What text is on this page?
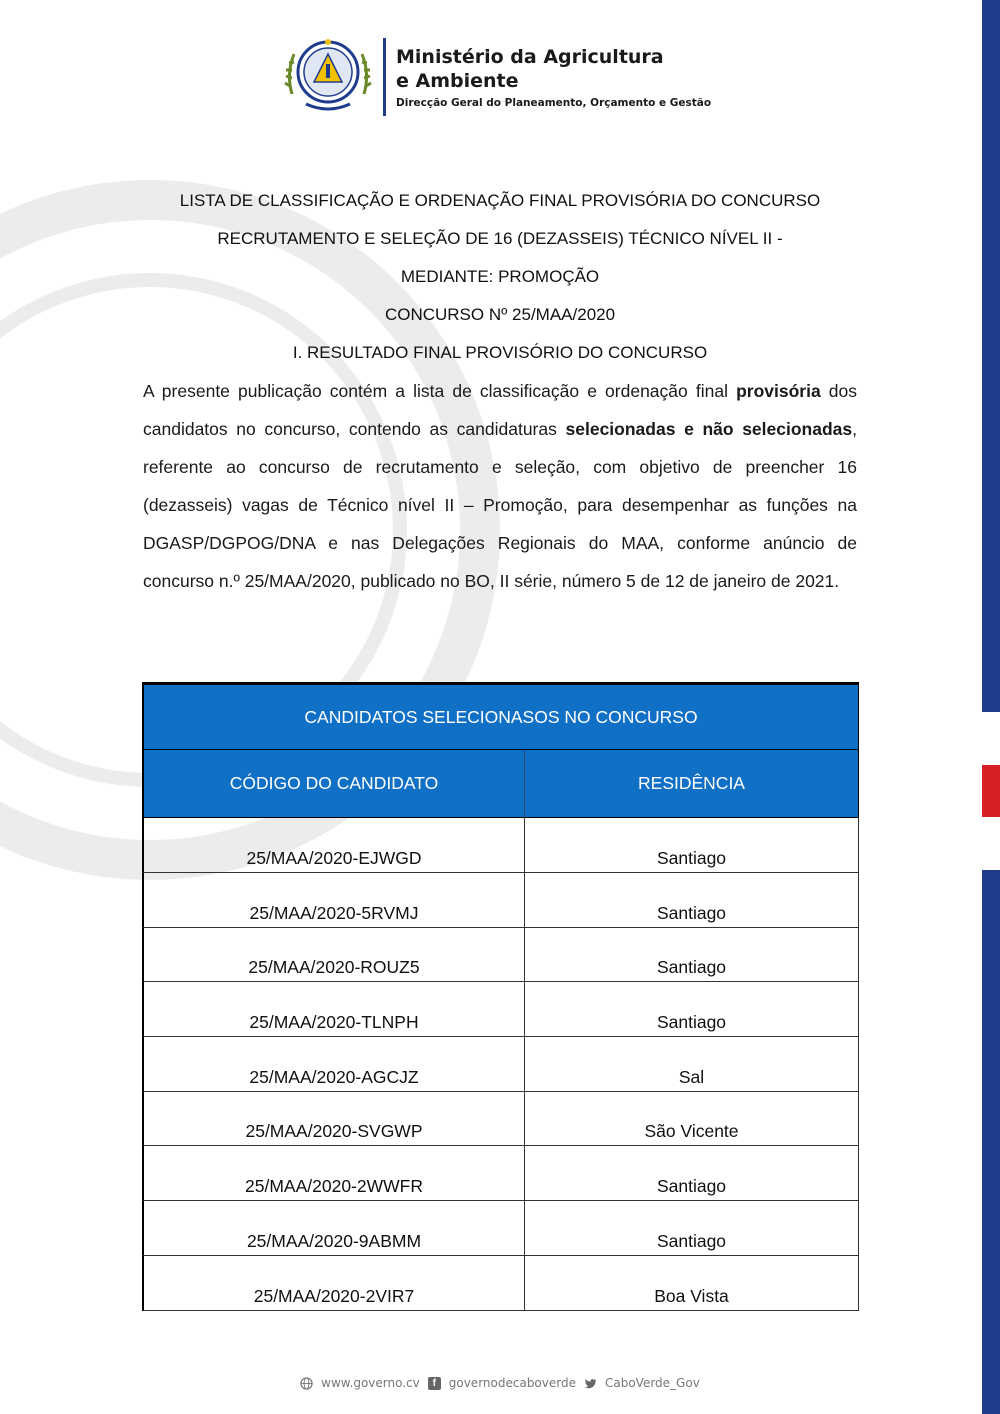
Ministério da Agricultura
e Ambiente
Direcção Geral do Planeamento, Orçamento e Gestão
LISTA DE CLASSIFICAÇÃO E ORDENAÇÃO FINAL PROVISÓRIA DO CONCURSO
RECRUTAMENTO E SELEÇÃO DE 16 (DEZASSEIS) TÉCNICO NÍVEL II -
MEDIANTE: PROMOÇÃO
CONCURSO Nº 25/MAA/2020
I. RESULTADO FINAL PROVISÓRIO DO CONCURSO

A presente publicação contém a lista de classificação e ordenação final provisória dos candidatos no concurso, contendo as candidaturas selecionadas e não selecionadas, referente ao concurso de recrutamento e seleção, com objetivo de preencher 16 (dezasseis) vagas de Técnico nível II – Promoção, para desempenhar as funções na DGASP/DGPOG/DNA e nas Delegações Regionais do MAA, conforme anúncio de concurso n.º 25/MAA/2020, publicado no BO, II série, número 5 de 12 de janeiro de 2021.

CANDIDATOS SELECIONASOS NO CONCURSO
CÓDIGO DO CANDIDATO	RESIDÊNCIA
25/MAA/2020-EJWGD	Santiago
25/MAA/2020-5RVMJ	Santiago
25/MAA/2020-ROUZ5	Santiago
25/MAA/2020-TLNPH	Santiago
25/MAA/2020-AGCJZ	Sal
25/MAA/2020-SVGWP	São Vicente
25/MAA/2020-2WWFR	Santiago
25/MAA/2020-9ABMM	Santiago
25/MAA/2020-2VIR7	Boa Vista
www.governo.cv	f	governodecaboverde CaboVerde_Gov
